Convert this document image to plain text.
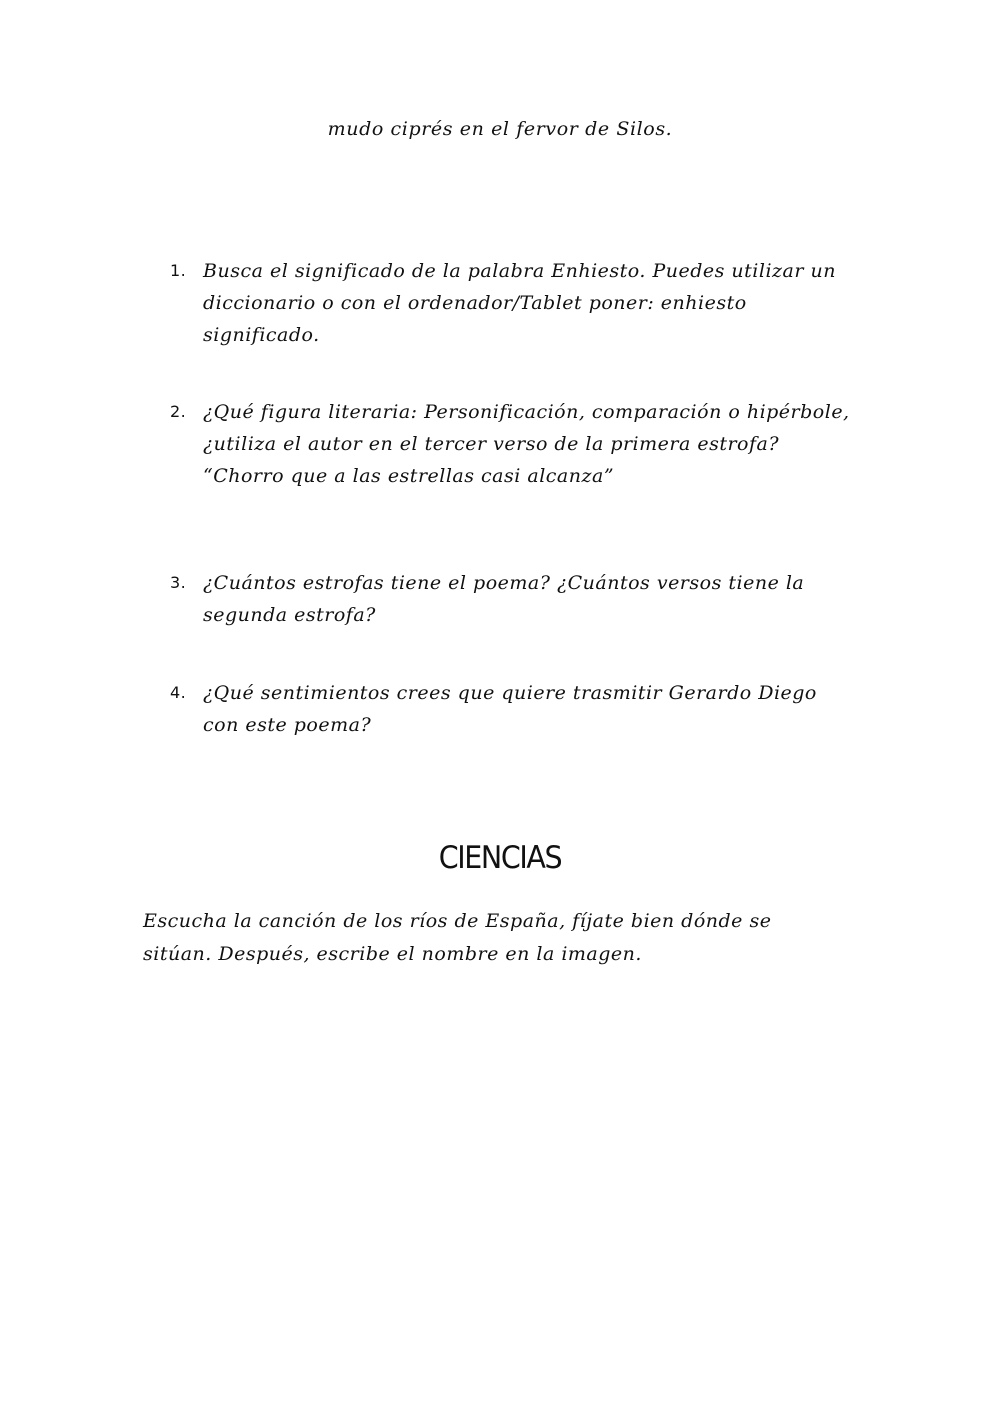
mudo ciprés en el fervor de Silos.
1. Busca el significado de la palabra Enhiesto. Puedes utilizar un diccionario o con el ordenador/Tablet poner: enhiesto significado.
2. ¿Qué figura literaria: Personificación, comparación o hipérbole, ¿utiliza el autor en el tercer verso de la primera estrofa? “Chorro que a las estrellas casi alcanza”
3. ¿Cuántos estrofas tiene el poema? ¿Cuántos versos tiene la segunda estrofa?
4. ¿Qué sentimientos crees que quiere trasmitir Gerardo Diego con este poema?
CIENCIAS
Escucha la canción de los ríos de España, fíjate bien dónde se sitúan. Después, escribe el nombre en la imagen.
